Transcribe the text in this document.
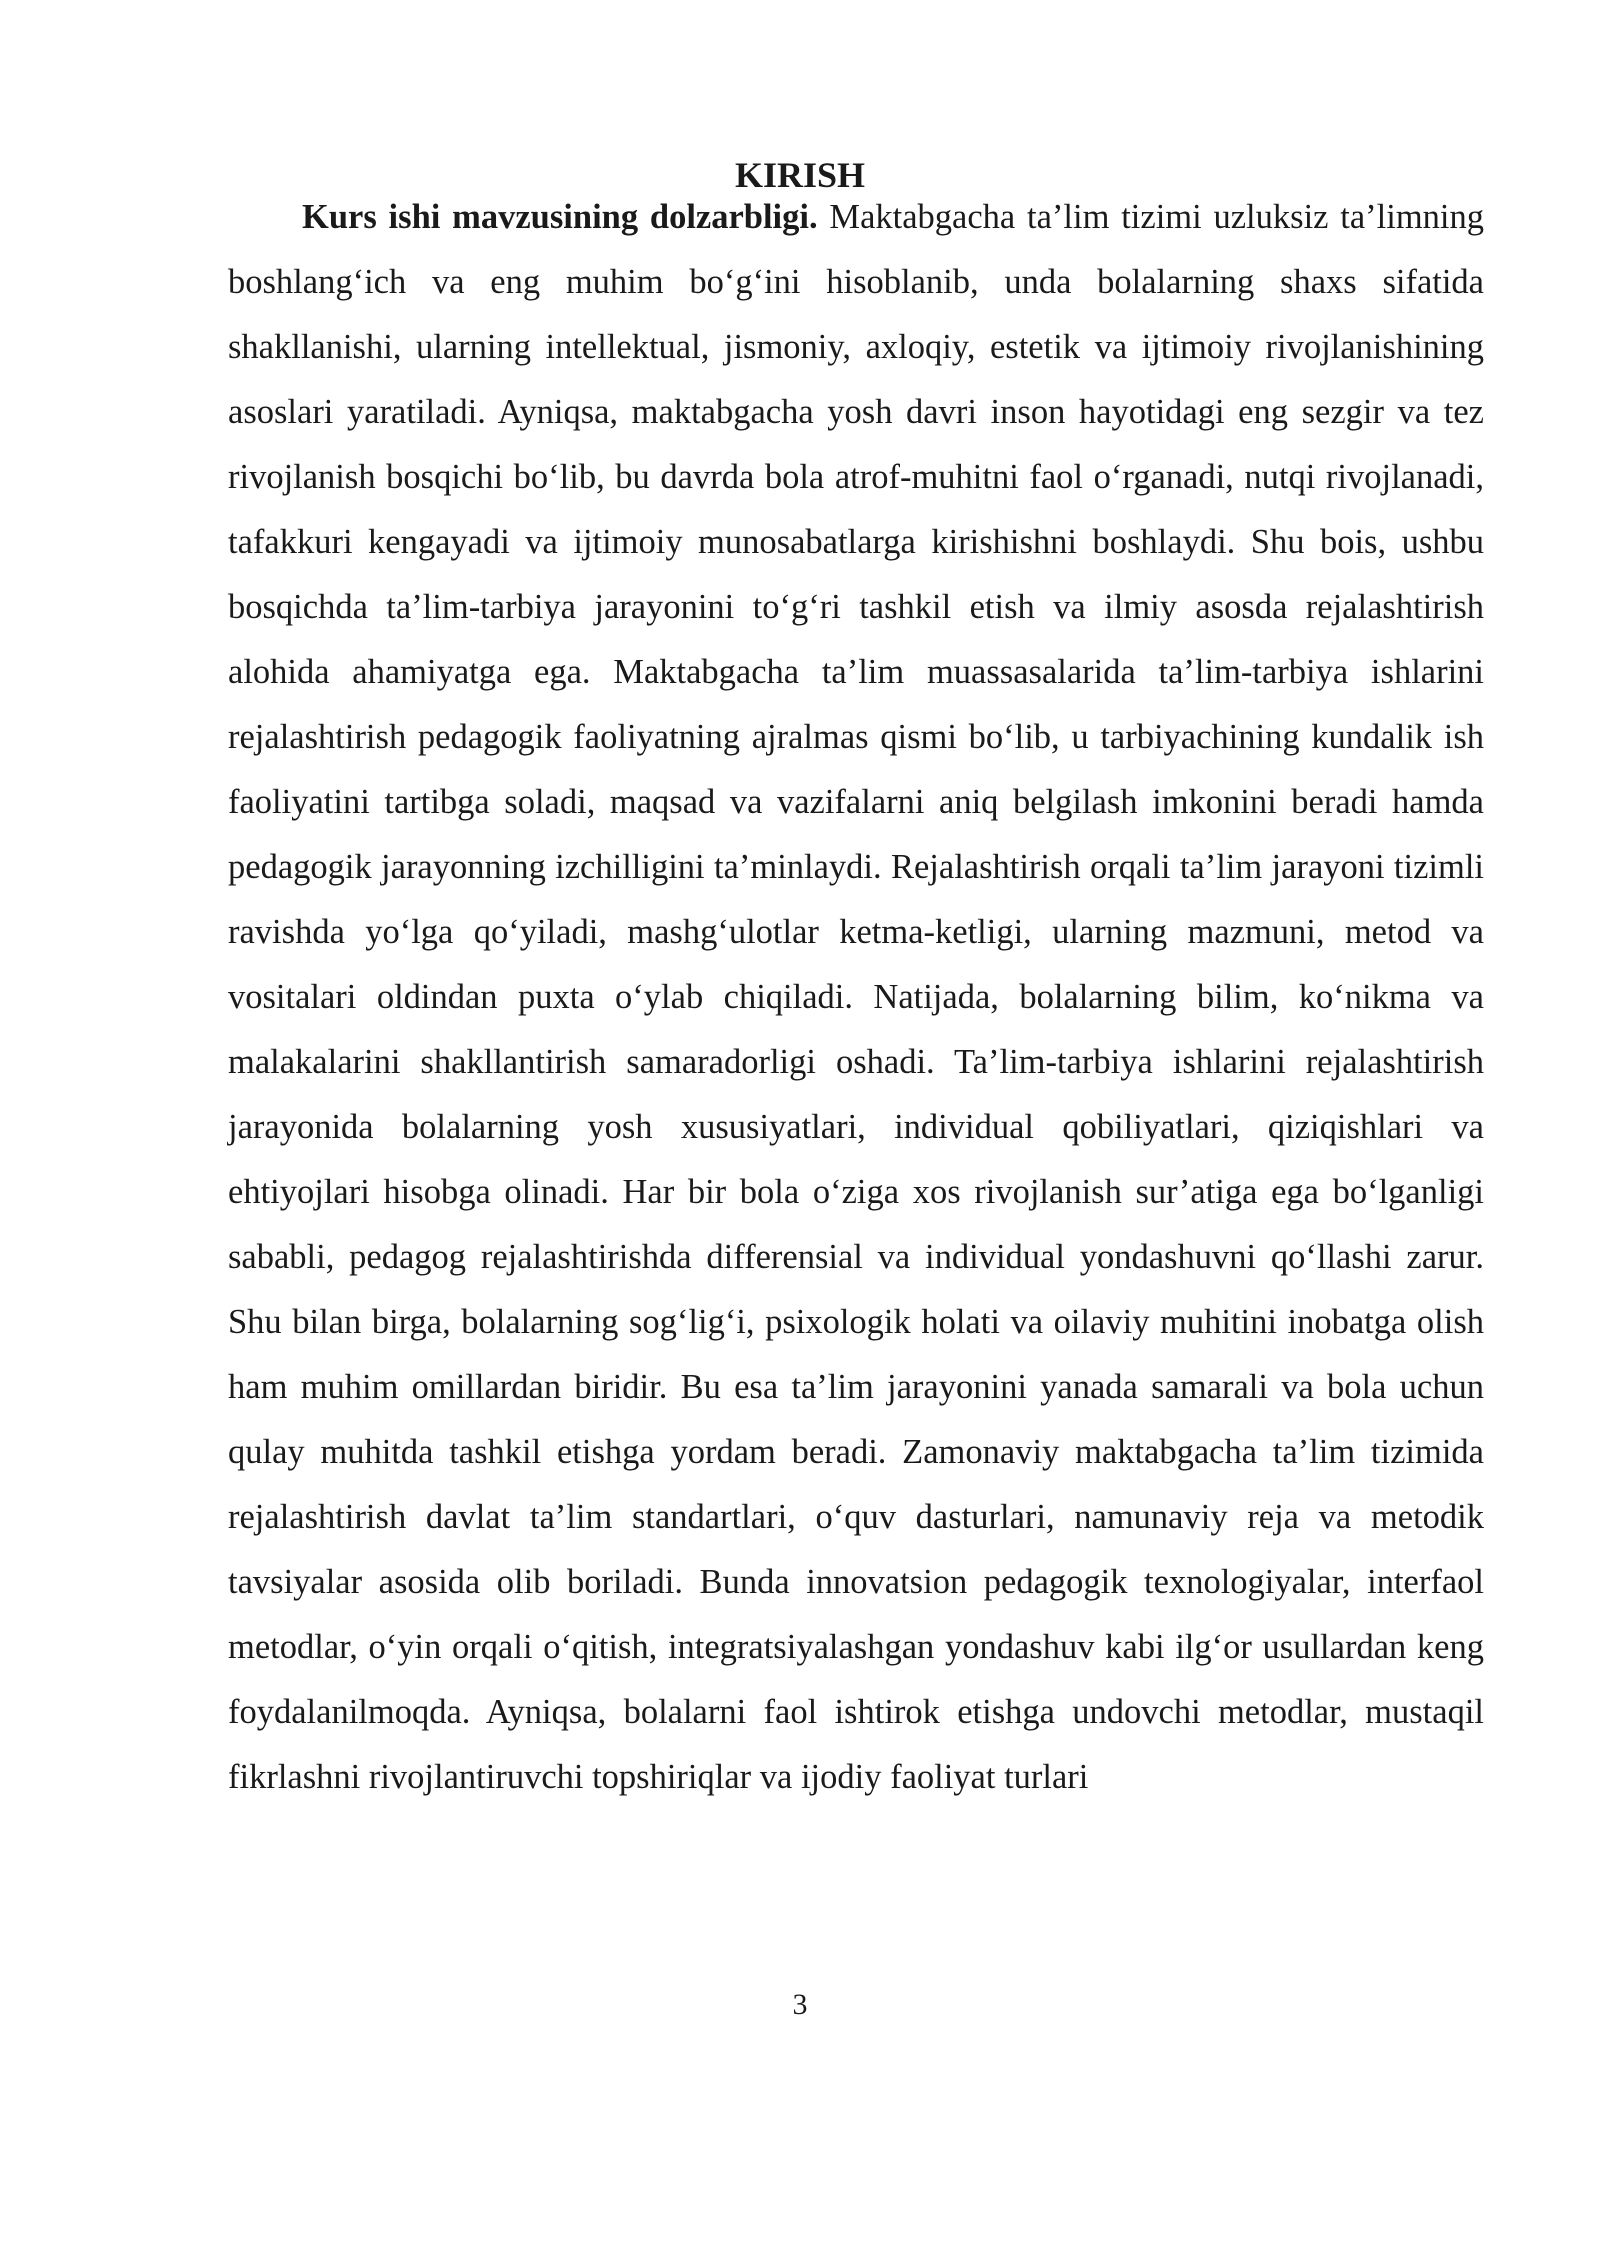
KIRISH

Kurs ishi mavzusining dolzarbligi. Maktabgacha ta’lim tizimi uzluksiz ta’limning boshlang‘ich va eng muhim bo‘g‘ini hisoblanib, unda bolalarning shaxs sifatida shakllanishi, ularning intellektual, jismoniy, axloqiy, estetik va ijtimoiy rivojlanishining asoslari yaratiladi. Ayniqsa, maktabgacha yosh davri inson hayotidagi eng sezgir va tez rivojlanish bosqichi bo‘lib, bu davrda bola atrof-muhitni faol o‘rganadi, nutqi rivojlanadi, tafakkuri kengayadi va ijtimoiy munosabatlarga kirishishni boshlaydi. Shu bois, ushbu bosqichda ta’lim-tarbiya jarayonini to‘g‘ri tashkil etish va ilmiy asosda rejalashtirish alohida ahamiyatga ega. Maktabgacha ta’lim muassasalarida ta’lim-tarbiya ishlarini rejalashtirish pedagogik faoliyatning ajralmas qismi bo‘lib, u tarbiyachining kundalik ish faoliyatini tartibga soladi, maqsad va vazifalarni aniq belgilash imkonini beradi hamda pedagogik jarayonning izchilligini ta’minlaydi. Rejalashtirish orqali ta’lim jarayoni tizimli ravishda yo‘lga qo‘yiladi, mashg‘ulotlar ketma-ketligi, ularning mazmuni, metod va vositalari oldindan puxta o‘ylab chiqiladi. Natijada, bolalarning bilim, ko‘nikma va malakalarini shakllantirish samaradorligi oshadi. Ta’lim-tarbiya ishlarini rejalashtirish jarayonida bolalarning yosh xususiyatlari, individual qobiliyatlari, qiziqishlari va ehtiyojlari hisobga olinadi. Har bir bola o‘ziga xos rivojlanish sur’atiga ega bo‘lganligi sababli, pedagog rejalashtirishda differensial va individual yondashuvni qo‘llashi zarur. Shu bilan birga, bolalarning sog‘lig‘i, psixologik holati va oilaviy muhitini inobatga olish ham muhim omillardan biridir. Bu esa ta’lim jarayonini yanada samarali va bola uchun qulay muhitda tashkil etishga yordam beradi. Zamonaviy maktabgacha ta’lim tizimida rejalashtirish davlat ta’lim standartlari, o‘quv dasturlari, namunaviy reja va metodik tavsiyalar asosida olib boriladi. Bunda innovatsion pedagogik texnologiyalar, interfaol metodlar, o‘yin orqali o‘qitish, integratsiyalashgan yondashuv kabi ilg‘or usullardan keng foydalanilmoqda. Ayniqsa, bolalarni faol ishtirok etishga undovchi metodlar, mustaqil fikrlashni rivojlantiruvchi topshiriqlar va ijodiy faoliyat turlari

3
